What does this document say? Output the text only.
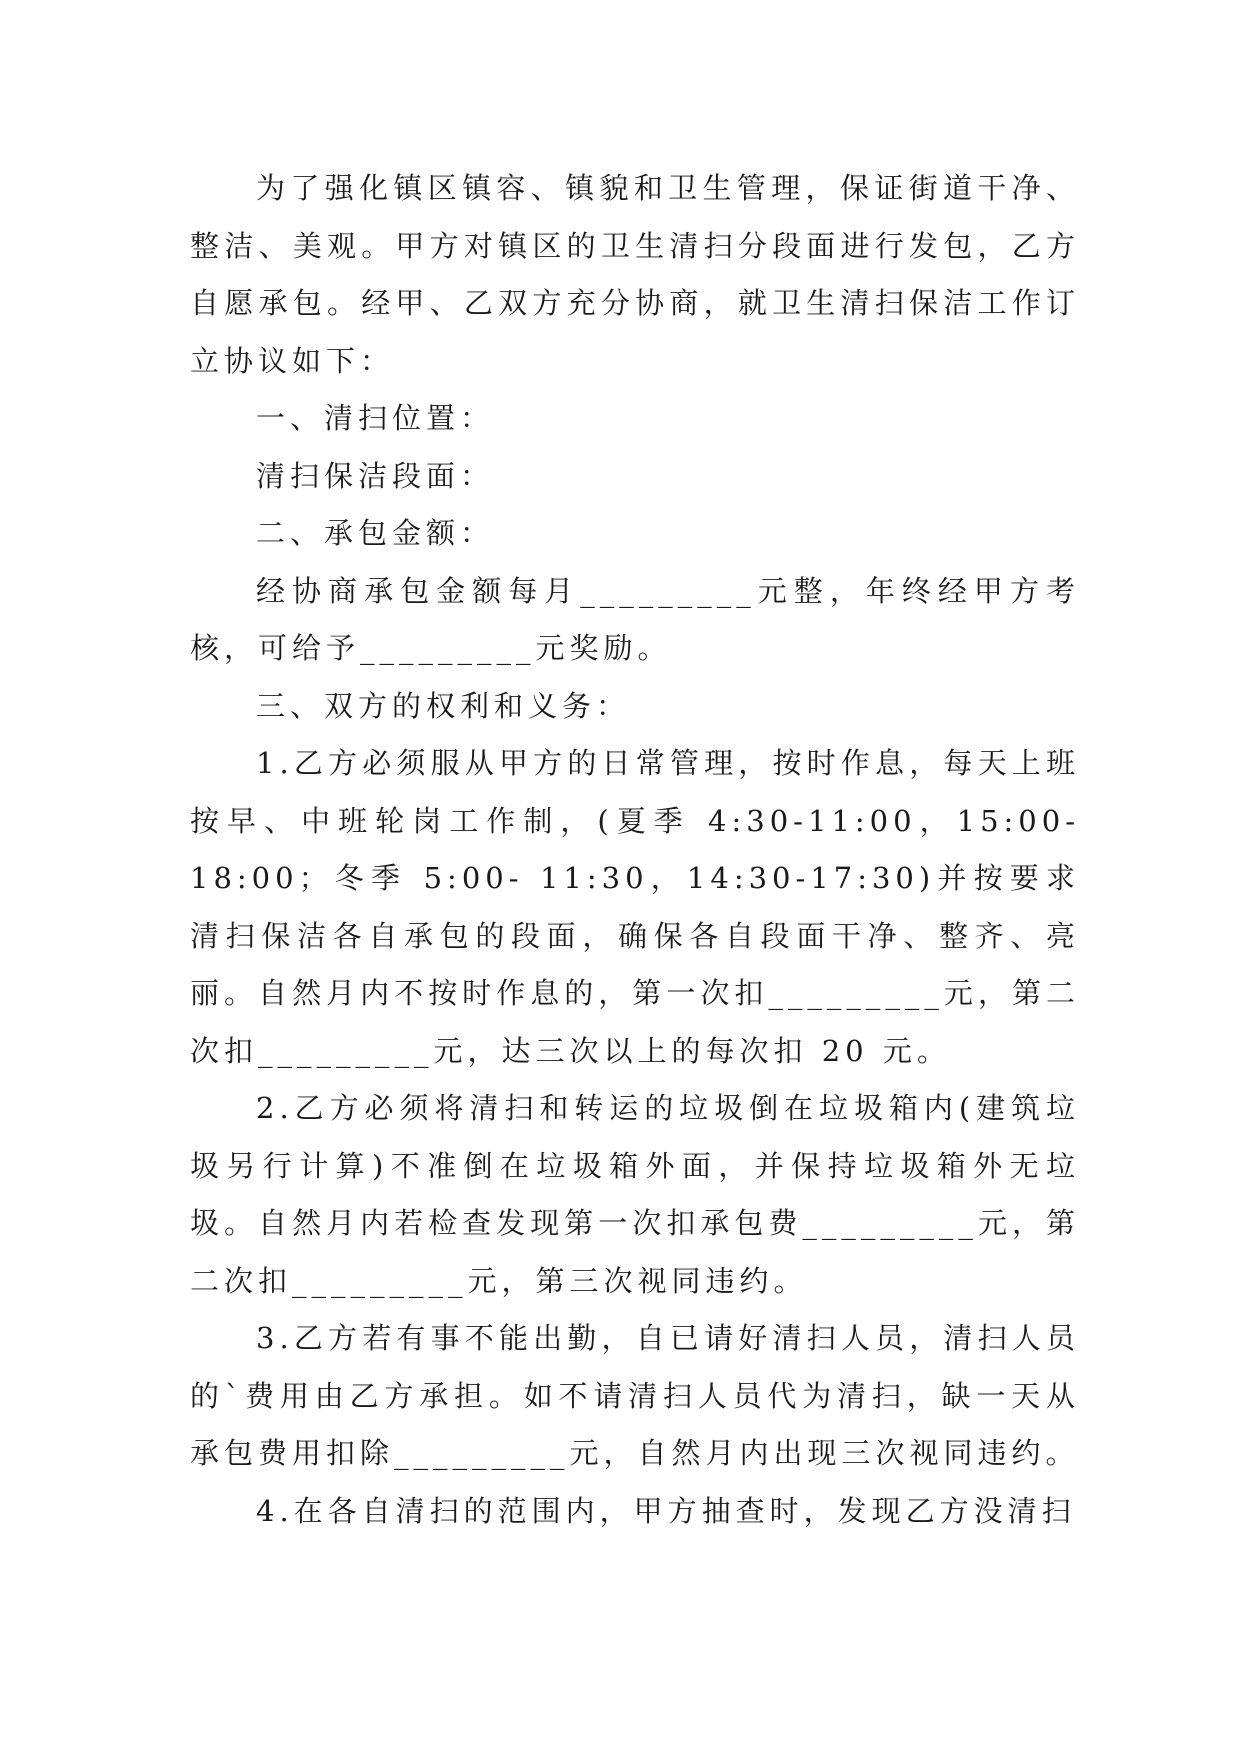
为了强化镇区镇容、镇貌和卫生管理，保证街道干净、整洁、美观。甲方对镇区的卫生清扫分段面进行发包，乙方自愿承包。经甲、乙双方充分协商，就卫生清扫保洁工作订立协议如下：

一、清扫位置：

清扫保洁段面：

二、承包金额：

经协商承包金额每月_________元整，年终经甲方考核，可给予_________元奖励。

三、双方的权利和义务：

1.乙方必须服从甲方的日常管理，按时作息，每天上班按早、中班轮岗工作制，(夏季 4:30-11:00，15:00-18:00；冬季 5:00- 11:30，14:30-17:30)并按要求清扫保洁各自承包的段面，确保各自段面干净、整齐、亮丽。自然月内不按时作息的，第一次扣_________元，第二次扣_________元，达三次以上的每次扣 20 元。

2.乙方必须将清扫和转运的垃圾倒在垃圾箱内(建筑垃圾另行计算)不准倒在垃圾箱外面，并保持垃圾箱外无垃圾。自然月内若检查发现第一次扣承包费_________元，第二次扣_________元，第三次视同违约。

3.乙方若有事不能出勤，自已请好清扫人员，清扫人员的`费用由乙方承担。如不请清扫人员代为清扫，缺一天从承包费用扣除_________元，自然月内出现三次视同违约。

4.在各自清扫的范围内，甲方抽查时，发现乙方没清扫
